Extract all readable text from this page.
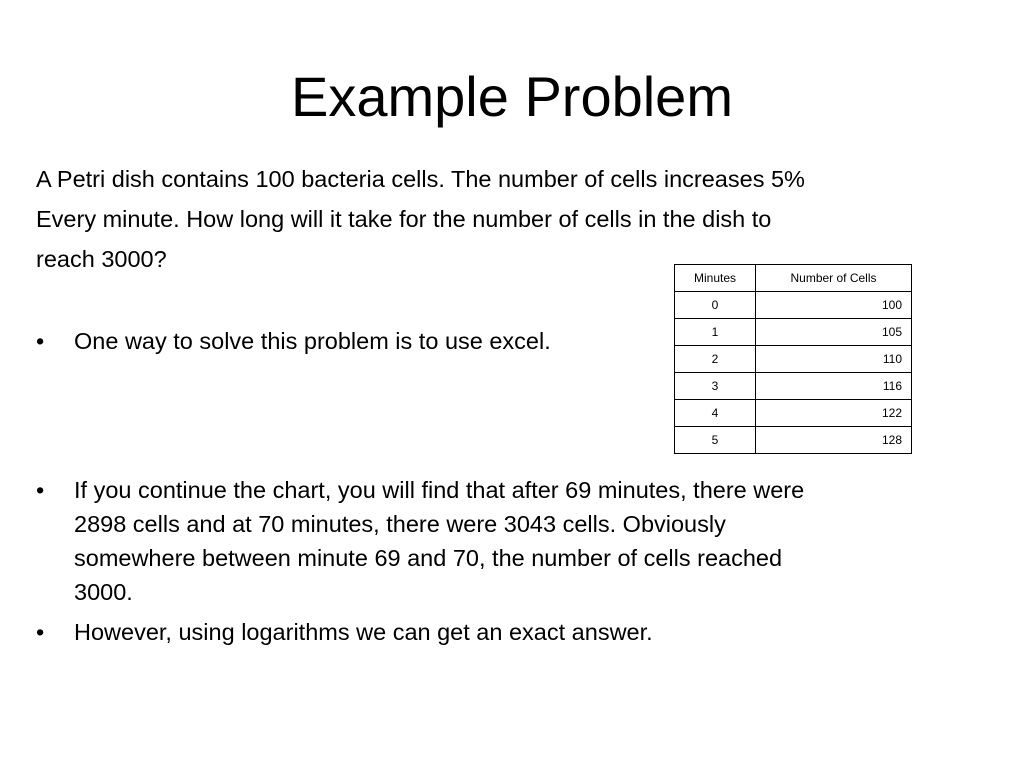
Example Problem

A Petri dish contains 100 bacteria cells. The number of cells increases 5%
Every minute. How long will it take for the number of cells in the dish to
reach 3000?

•	One way to solve this problem is to use excel.
•	If you continue the chart, you will find that after 69 minutes, there were
2898 cells and at 70 minutes, there were 3043 cells. Obviously
somewhere between minute 69 and 70, the number of cells reached
3000.
•	However, using logarithms we can get an exact answer.
Minutes	Number of Cells
0	100
1	105
2	110
3	116
4	122
5	128
